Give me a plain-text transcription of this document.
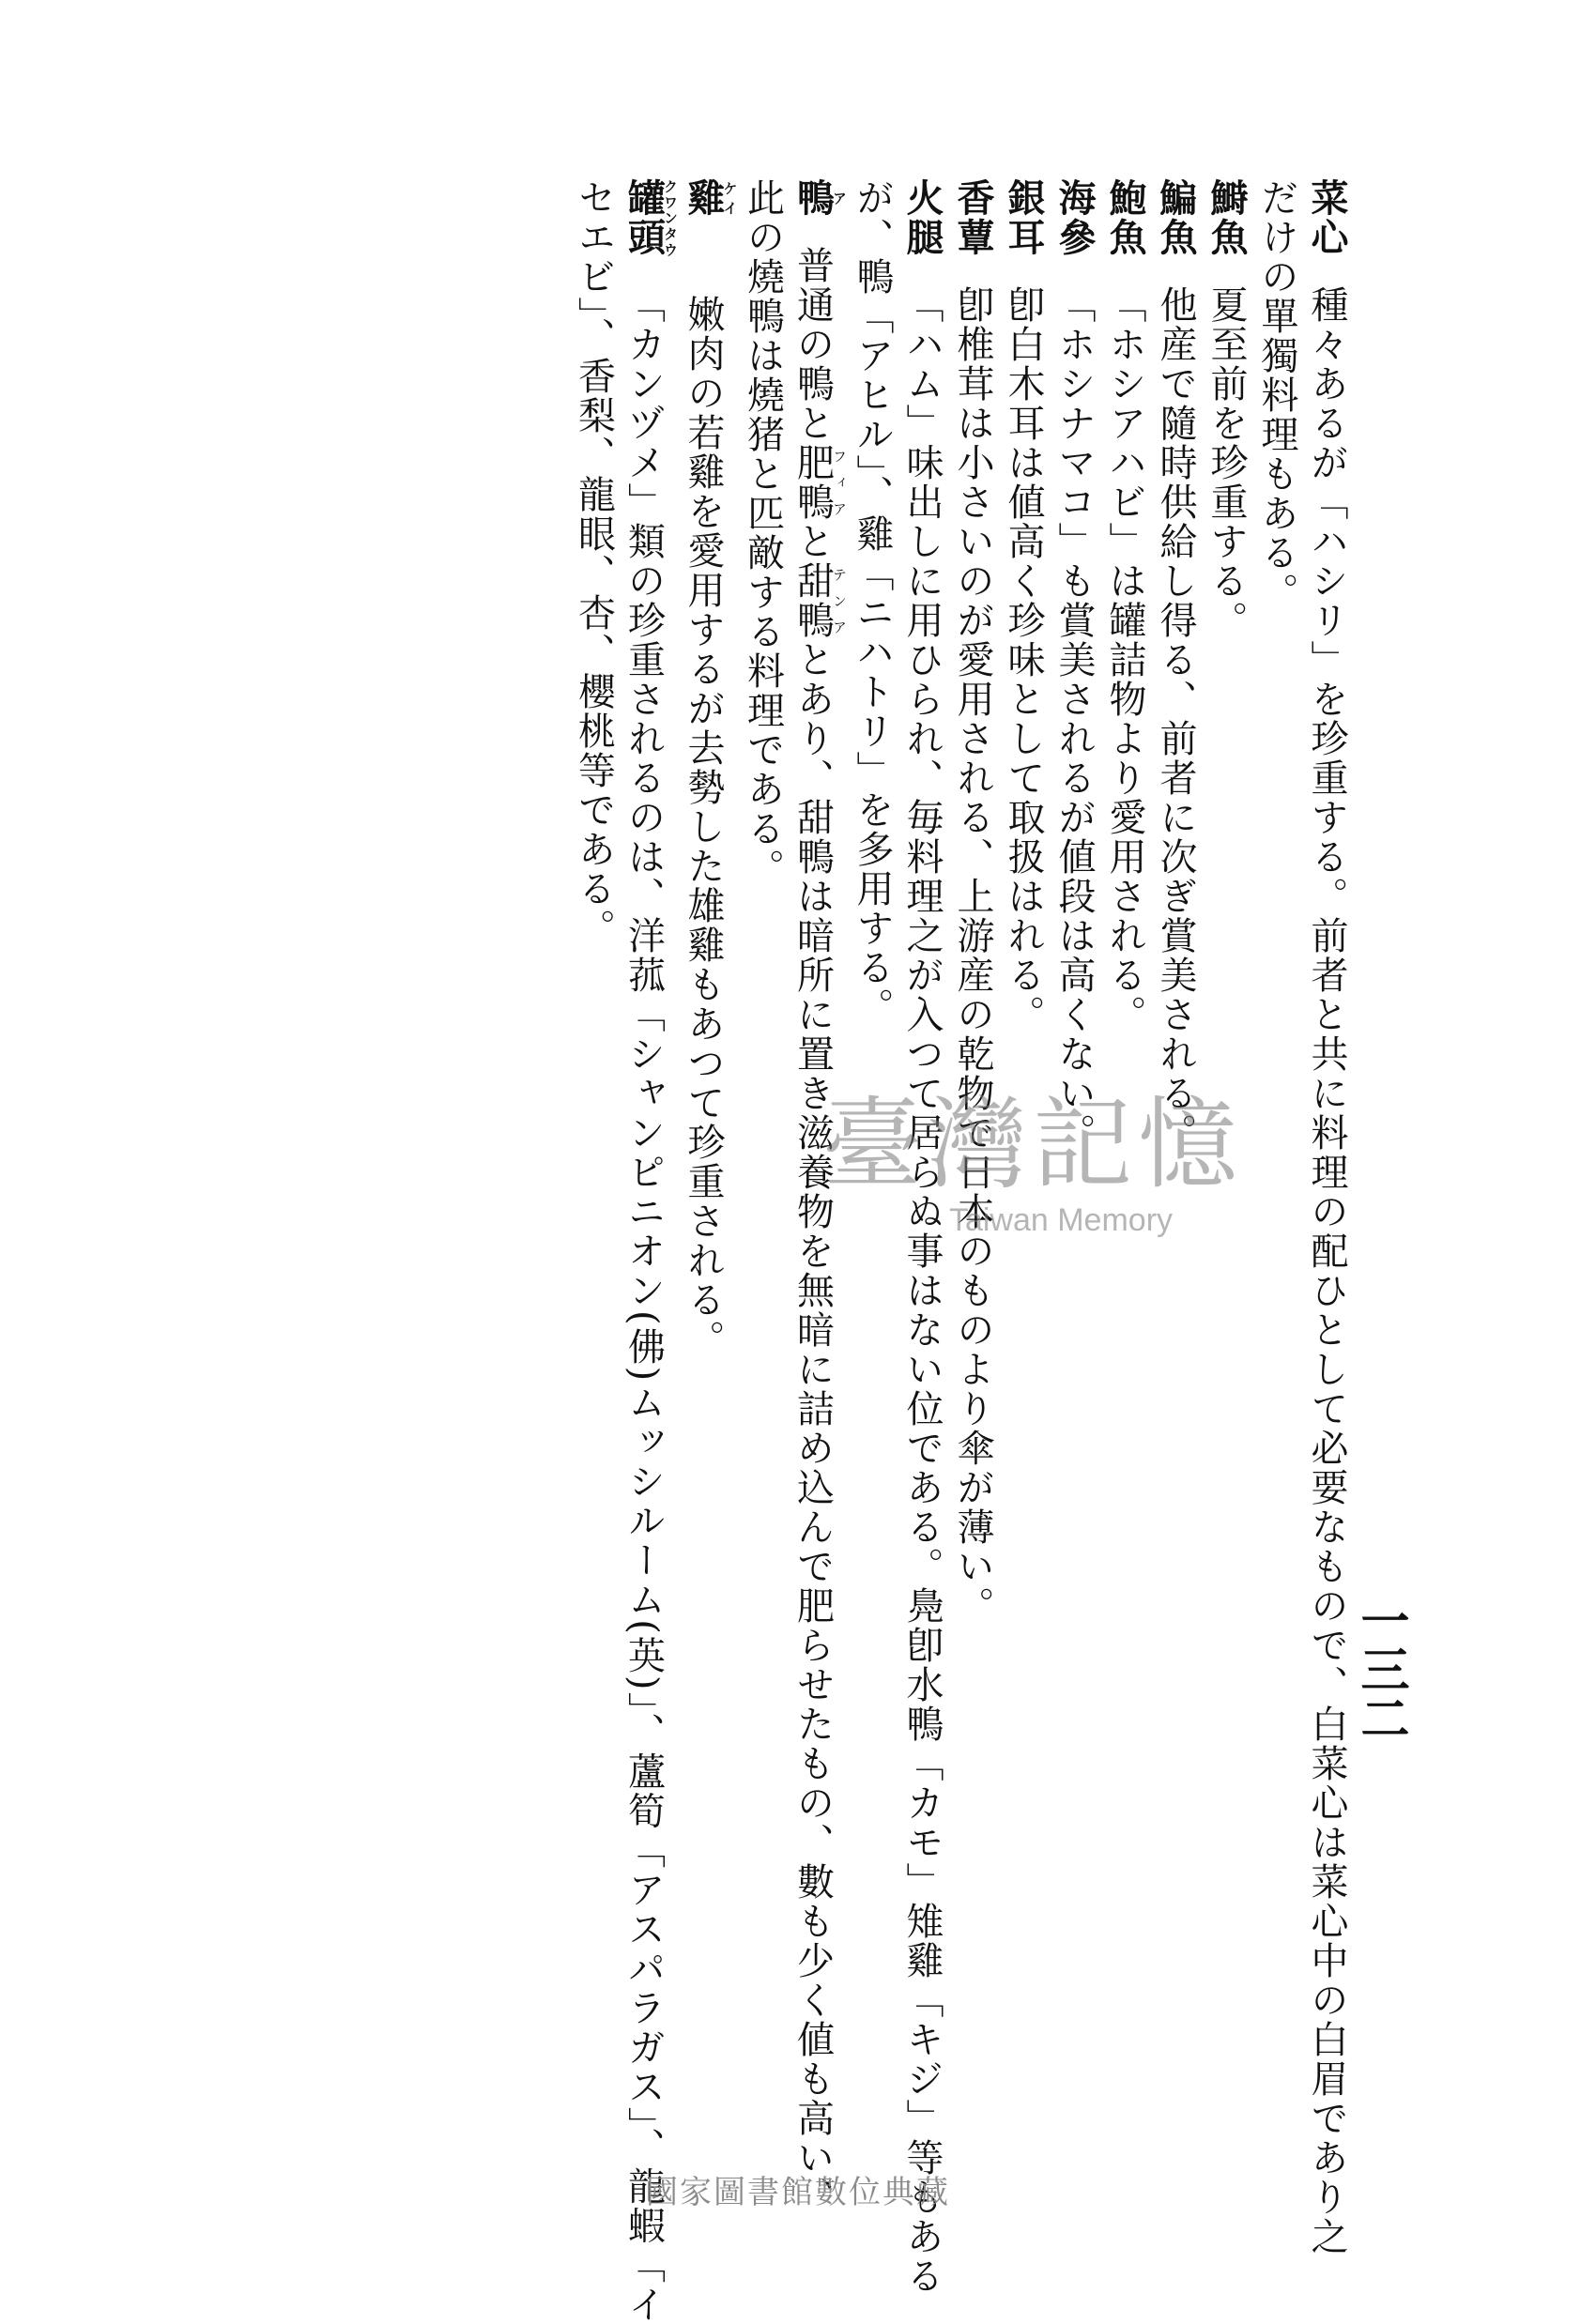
一三二
菜心種々あるが「ハシリ」を珍重する。前者と共に料理の配ひとして必要なもので、白菜心は菜心中の白眉であり之
だけの單獨料理もある。
鰣魚夏至前を珍重する。
鯿魚他産で隨時供給し得る、前者に次ぎ賞美される。
鮑魚「ホシアハビ」は罐詰物より愛用される。
海參「ホシナマコ」も賞美されるが値段は高くない。
銀耳卽白木耳は値高く珍味として取扱はれる。
香蕈卽椎茸は小さいのが愛用される、上游産の乾物で日本のものより傘が薄い。
火腿「ハム」味出しに用ひられ、毎料理之が入つて居らぬ事はない位である。鳧卽水鴨「カモ」雉雞「キジ」等もある
が、鴨「アヒル」、雞「ニハトリ」を多用する。
鴨ア普通の鴨と肥鴨フィアと甜鴨テンアとあり、甜鴨は暗所に置き滋養物を無暗に詰め込んで肥らせたもの、數も少く値も高い、
此の燒鴨は燒猪と匹敵する料理である。
雞ケイ嫩肉の若雞を愛用するが去勢した雄雞もあつて珍重される。
罐頭クワンタウ「カンヅメ」類の珍重されるのは、洋菰「シャンピニオン(佛)ムッシルーム(英)」、蘆筍「アスパラガス」、龍蝦「イ
セエビ」、香梨、龍眼、杏、櫻桃等である。
臺灣記憶
Taiwan Memory
國家圖書館數位典藏
